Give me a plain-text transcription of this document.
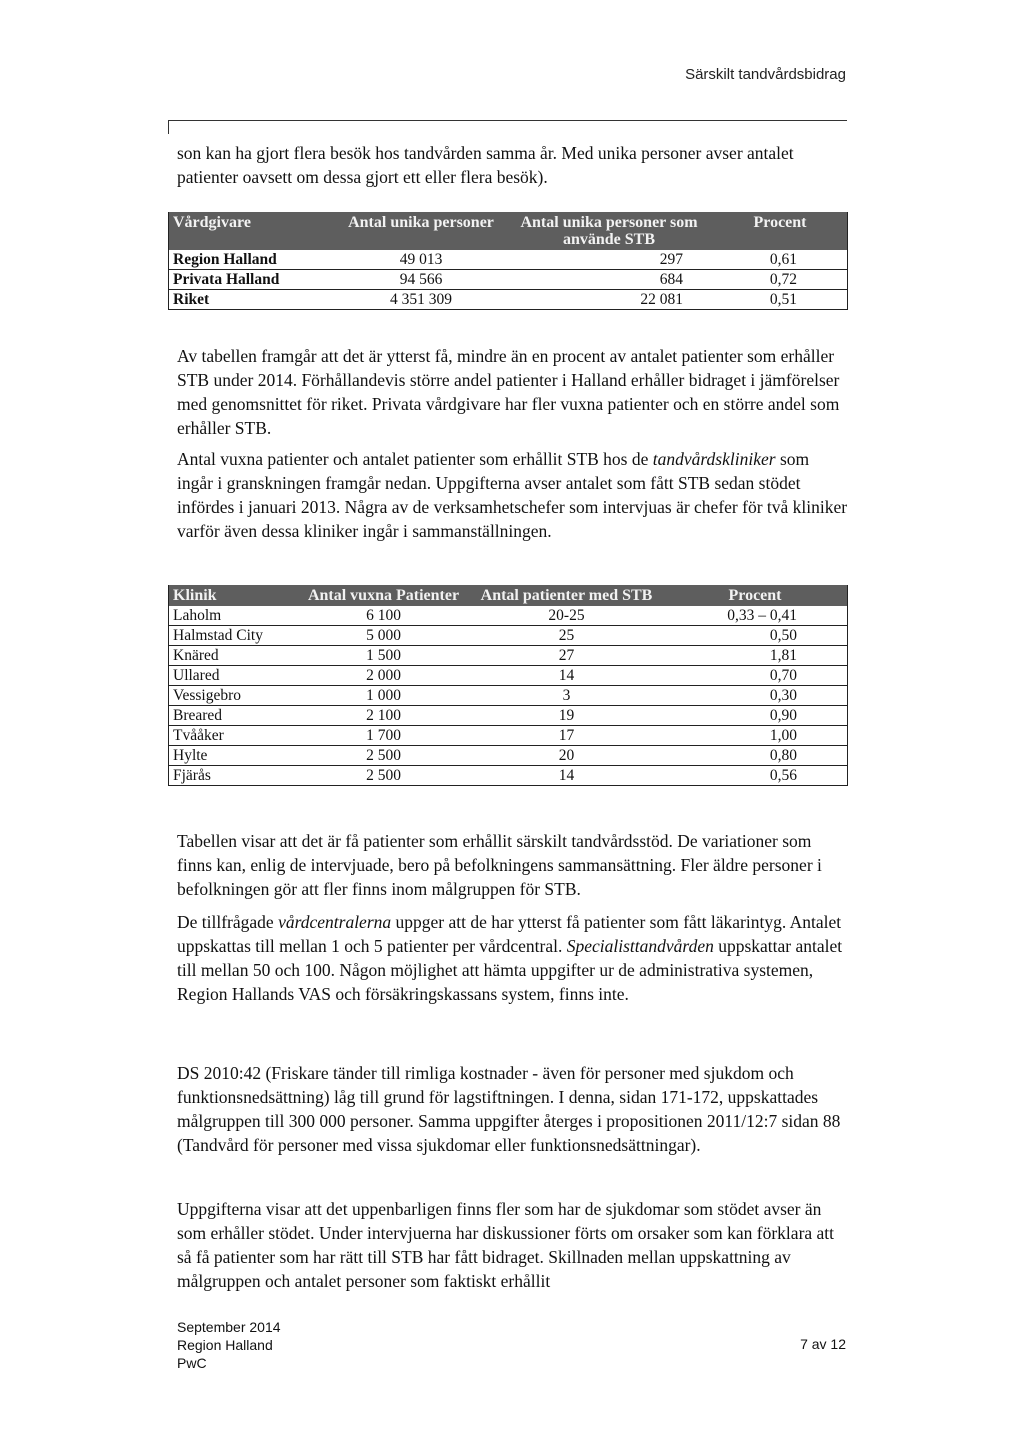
Särskilt tandvårdsbidrag

son kan ha gjort flera besök hos tandvården samma år. Med unika personer avser antalet patienter oavsett om dessa gjort ett eller flera besök).

Vårdgivare	Antal unika personer	Antal unika personer som använde STB	Procent
Region Halland	49 013	297	0,61
Privata Halland	94 566	684	0,72
Riket	4 351 309	22 081	0,51

Av tabellen framgår att det är ytterst få, mindre än en procent av antalet patienter som erhåller STB under 2014. Förhållandevis större andel patienter i Halland erhåller bidraget i jämförelser med genomsnittet för riket. Privata vårdgivare har fler vuxna patienter och en större andel som erhåller STB.

Antal vuxna patienter och antalet patienter som erhållit STB hos de tandvårdskliniker som ingår i granskningen framgår nedan. Uppgifterna avser antalet som fått STB sedan stödet infördes i januari 2013. Några av de verksamhetschefer som intervjuas är chefer för två kliniker varför även dessa kliniker ingår i sammanställningen.

Klinik	Antal vuxna Patienter	Antal patienter med STB	Procent
Laholm	6 100	20-25	0,33 – 0,41
Halmstad City	5 000	25	0,50
Knäred	1 500	27	1,81
Ullared	2 000	14	0,70
Vessigebro	1 000	3	0,30
Breared	2 100	19	0,90
Tvååker	1 700	17	1,00
Hylte	2 500	20	0,80
Fjärås	2 500	14	0,56

Tabellen visar att det är få patienter som erhållit särskilt tandvårdsstöd. De variationer som finns kan, enlig de intervjuade, bero på befolkningens sammansättning. Fler äldre personer i befolkningen gör att fler finns inom målgruppen för STB.

De tillfrågade vårdcentralerna uppger att de har ytterst få patienter som fått läkarintyg. Antalet uppskattas till mellan 1 och 5 patienter per vårdcentral. Specialisttandvården uppskattar antalet till mellan 50 och 100. Någon möjlighet att hämta uppgifter ur de administrativa systemen, Region Hallands VAS och försäkringskassans system, finns inte.

DS 2010:42 (Friskare tänder till rimliga kostnader - även för personer med sjukdom och funktionsnedsättning) låg till grund för lagstiftningen. I denna, sidan 171-172, uppskattades målgruppen till 300 000 personer. Samma uppgifter återges i propositionen 2011/12:7 sidan 88 (Tandvård för personer med vissa sjukdomar eller funktionsnedsättningar).

Uppgifterna visar att det uppenbarligen finns fler som har de sjukdomar som stödet avser än som erhåller stödet. Under intervjuerna har diskussioner förts om orsaker som kan förklara att så få patienter som har rätt till STB har fått bidraget. Skillnaden mellan uppskattning av målgruppen och antalet personer som faktiskt erhållit

September 2014
Region Halland
PwC
7 av 12
